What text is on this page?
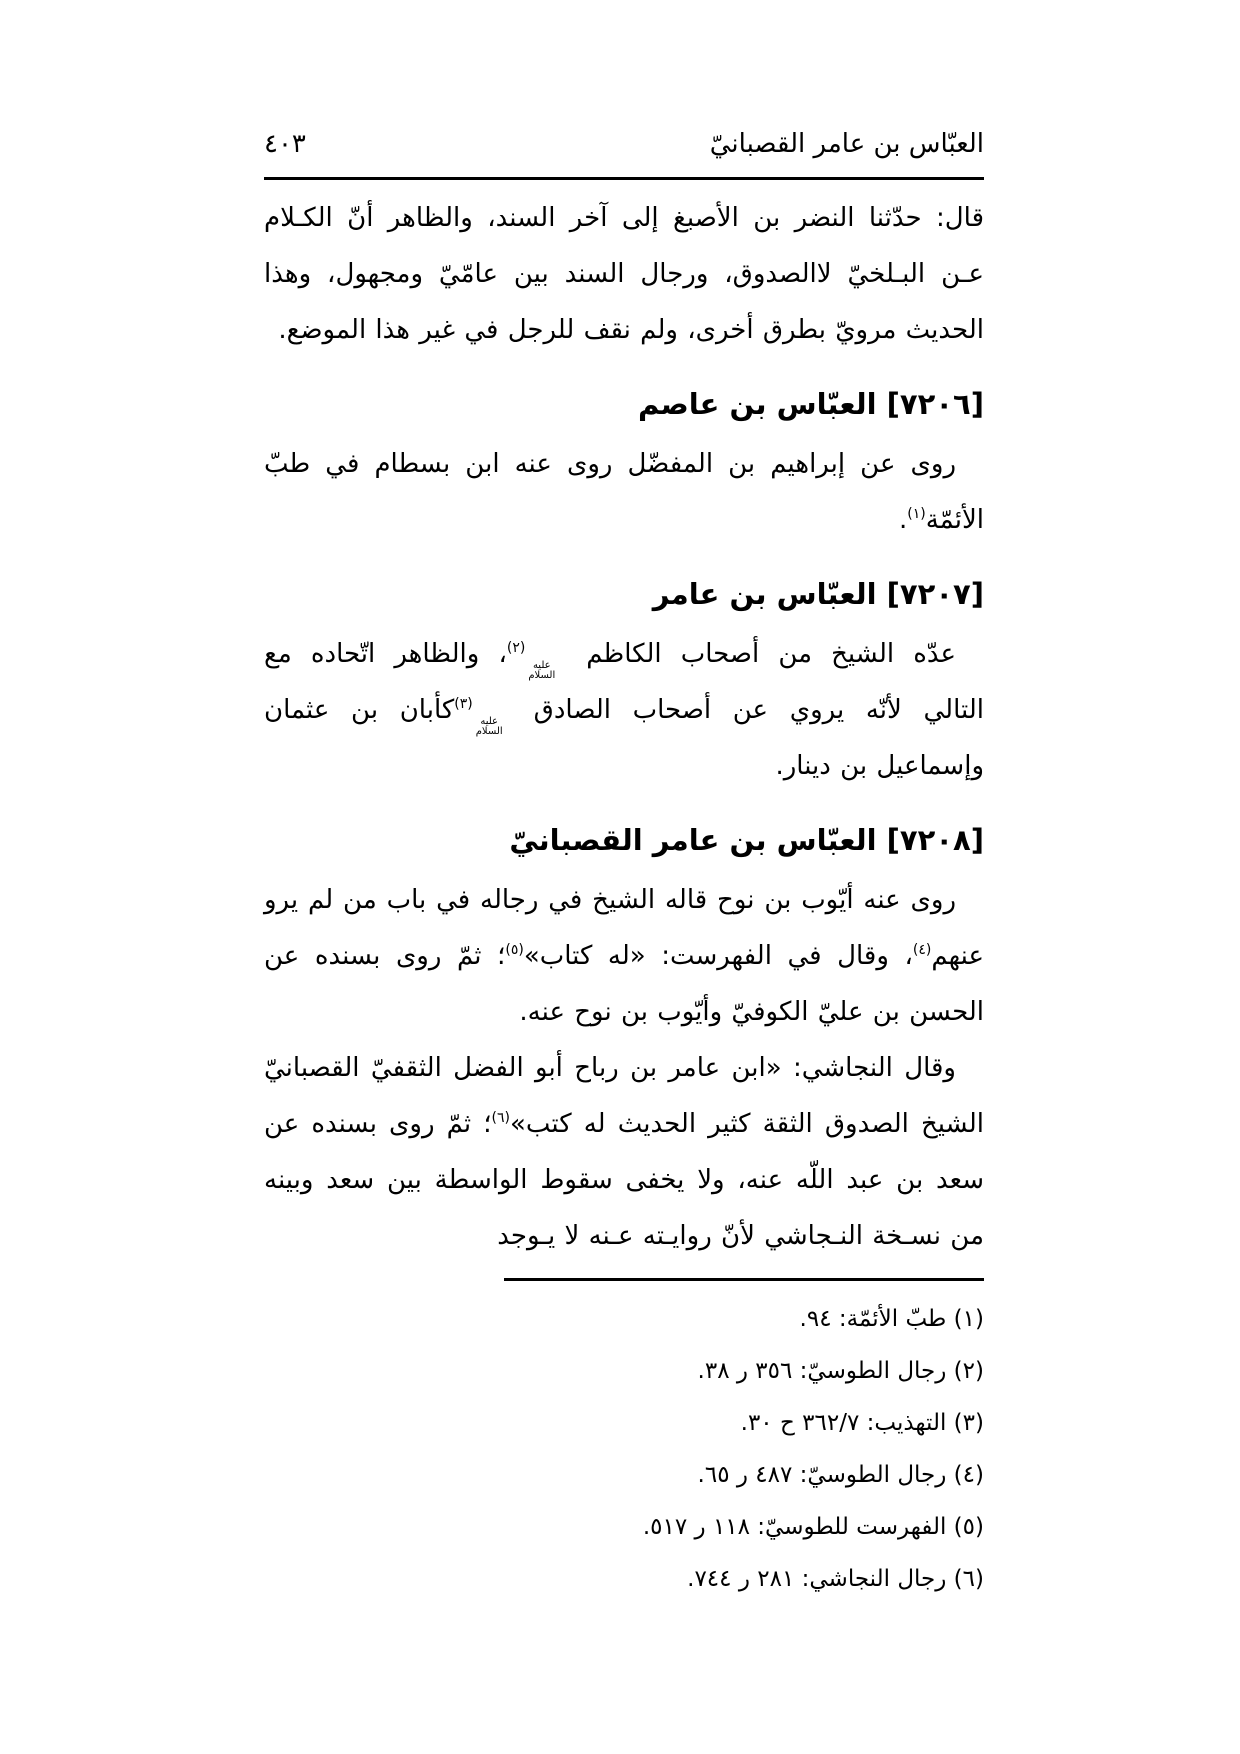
العبّاس بن عامر القصبانيّ
٤٠٣

قال: حدّثنا النضر بن الأصبغ إلى آخر السند، والظاهر أنّ الكـلام عـن البـلخيّ لاالصدوق، ورجال السند بين عامّيّ ومجهول، وهذا الحديث مرويّ بطرق أخرى، ولم نقف للرجل في غير هذا الموضع.

[٧٢٠٦] العبّاس بن عاصم

روى عن إبراهيم بن المفضّل روى عنه ابن بسطام في طبّ الأئمّة$^{(١)}$.

[٧٢٠٧] العبّاس بن عامر

عدّه الشيخ من أصحاب الكاظم
عليه
السلام
$^{(٢)}$، والظاهر اتّحاده مع التالي لأنّه يروي عن أصحاب الصادق
عليه
السلام
$^{(٣)}$كأبان بن عثمان وإسماعيل بن دينار.

[٧٢٠٨] العبّاس بن عامر القصبانيّ

روى عنه أيّوب بن نوح قاله الشيخ في رجاله في باب من لم يرو عنهم$^{(٤)}$، وقال في الفهرست: «له كتاب»$^{(٥)}$؛ ثمّ روى بسنده عن الحسن بن عليّ الكوفيّ وأيّوب بن نوح عنه.

وقال النجاشي: «ابن عامر بن رباح أبو الفضل الثقفيّ القصبانيّ الشيخ الصدوق الثقة كثير الحديث له كتب»$^{(٦)}$؛ ثمّ روى بسنده عن سعد بن عبد اللّه عنه، ولا يخفى سقوط الواسطة بين سعد وبينه من نسـخة النـجاشي لأنّ روايـته عـنه لا يـوجد

(١) طبّ الأئمّة: ٩٤.
(٢) رجال الطوسيّ: ٣٥٦ ر ٣٨.
(٣) التهذيب: ٣٦٢/٧ ح ٣٠.
(٤) رجال الطوسيّ: ٤٨٧ ر ٦٥.
(٥) الفهرست للطوسيّ: ١١٨ ر ٥١٧.
(٦) رجال النجاشي: ٢٨١ ر ٧٤٤.
